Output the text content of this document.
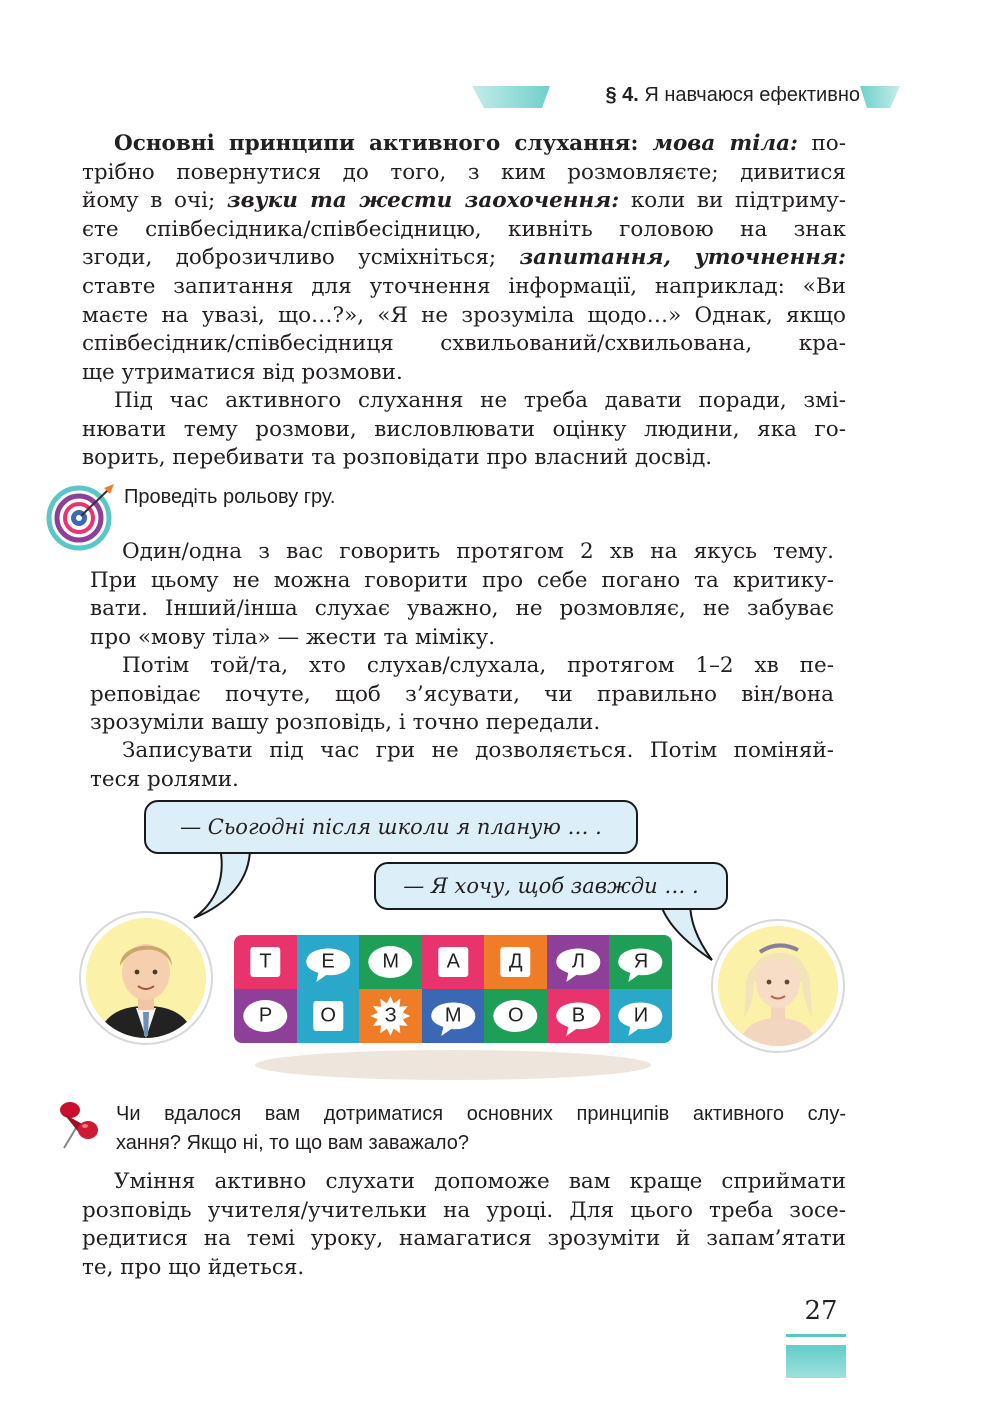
§ 4. Я навчаюся ефективно
Основні принципи активного слухання: мова тіла: по-
трібно повернутися до того, з ким розмовляєте; дивитися
йому в очі; звуки та жести заохочення: коли ви підтриму-
єте співбесідника/співбесідницю, кивніть головою на знак
згоди, доброзичливо усміхніться; запитання, уточнення:
ставте запитання для уточнення інформації, наприклад: «Ви
маєте на увазі, що…?», «Я не зрозуміла щодо…» Однак, якщо
співбесідник/співбесідниця схвильований/схвильована, кра-
ще утриматися від розмови.
Під час активного слухання не треба давати поради, змі-
нювати тему розмови, висловлювати оцінку людини, яка го-
ворить, перебивати та розповідати про власний досвід.
Проведіть рольову гру.
Один/одна з вас говорить протягом 2 хв на якусь тему.
При цьому не можна говорити про себе погано та критику-
вати. Інший/інша слухає уважно, не розмовляє, не забуває
про «мову тіла» — жести та міміку.
Потім той/та, хто слухав/слухала, протягом 1–2 хв пе-
реповідає почуте, щоб з’ясувати, чи правильно він/вона
зрозуміли вашу розповідь, і точно передали.
Записувати під час гри не дозволяється. Потім поміняй-
теся ролями.
— Сьогодні після школи я планую … .
— Я хочу, щоб завжди … .
Т Е М А Д Л Я
Р О З М О В И
Чи вдалося вам дотриматися основних принципів активного слу-
хання? Якщо ні, то що вам заважало?
Уміння активно слухати допоможе вам краще сприймати
розповідь учителя/учительки на уроці. Для цього треба зосе-
редитися на темі уроку, намагатися зрозуміти й запам’ятати
те, про що йдеться.
27
